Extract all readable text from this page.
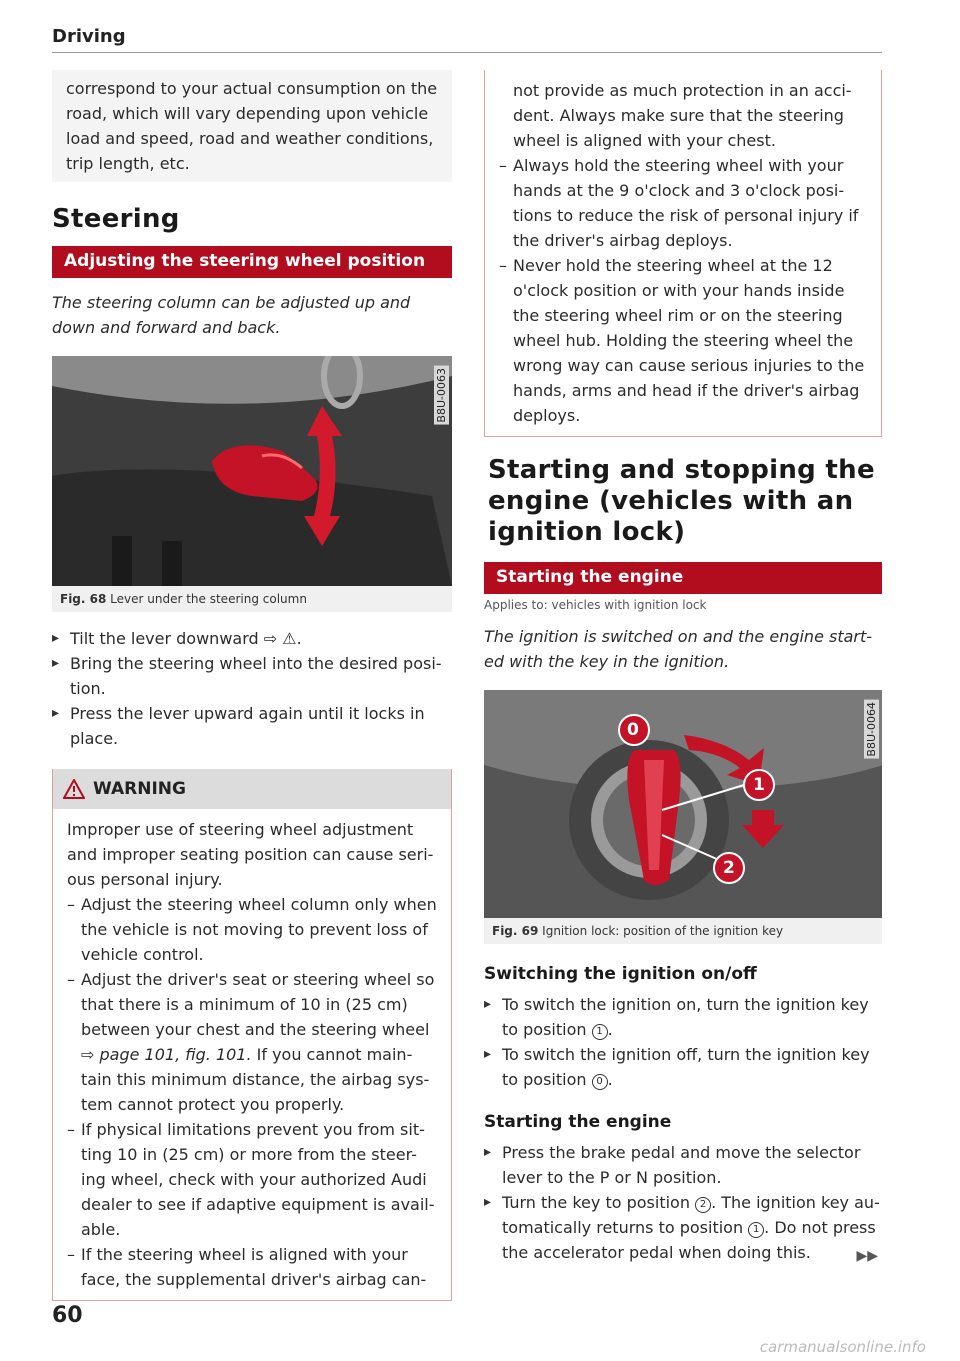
Driving

correspond to your actual consumption on the road, which will vary depending upon vehicle load and speed, road and weather conditions, trip length, etc.

Steering
Adjusting the steering wheel position

The steering column can be adjusted up and down and forward and back.

B8U-0063
Fig. 68 Lever under the steering column
▸ Tilt the lever downward ⇨ ⚠.
▸ Bring the steering wheel into the desired posi-tion.
▸ Press the lever upward again until it locks in place.
WARNING

Improper use of steering wheel adjustment and improper seating position can cause seri-ous personal injury.

– Adjust the steering wheel column only when the vehicle is not moving to prevent loss of vehicle control.
– Adjust the driver's seat or steering wheel so that there is a minimum of 10 in (25 cm) between your chest and the steering wheel ⇨ page 101, fig. 101. If you cannot main-tain this minimum distance, the airbag sys-tem cannot protect you properly.
– If physical limitations prevent you from sit-ting 10 in (25 cm) or more from the steer-ing wheel, check with your authorized Audi dealer to see if adaptive equipment is avail-able.
– If the steering wheel is aligned with your face, the supplemental driver's airbag can-

not provide as much protection in an acci-dent. Always make sure that the steering wheel is aligned with your chest.

– Always hold the steering wheel with your hands at the 9 o'clock and 3 o'clock posi-tions to reduce the risk of personal injury if the driver's airbag deploys.
– Never hold the steering wheel at the 12 o'clock position or with your hands inside the steering wheel rim or on the steering wheel hub. Holding the steering wheel the wrong way can cause serious injuries to the hands, arms and head if the driver's airbag deploys.
Starting and stopping the engine (vehicles with an ignition lock)
Starting the engine
Applies to: vehicles with ignition lock

The ignition is switched on and the engine start-ed with the key in the ignition.

0
1
2
B8U-0064
Fig. 69 Ignition lock: position of the ignition key
Switching the ignition on/off
▸ To switch the ignition on, turn the ignition key to position 1 .
▸ To switch the ignition off, turn the ignition key to position 0 .
Starting the engine
▸ Press the brake pedal and move the selector lever to the P or N position.
▸ Turn the key to position 2 . The ignition key au-tomatically returns to position 1 . Do not press the accelerator pedal when doing this.	▶▶
60
carmanualsonline.info
